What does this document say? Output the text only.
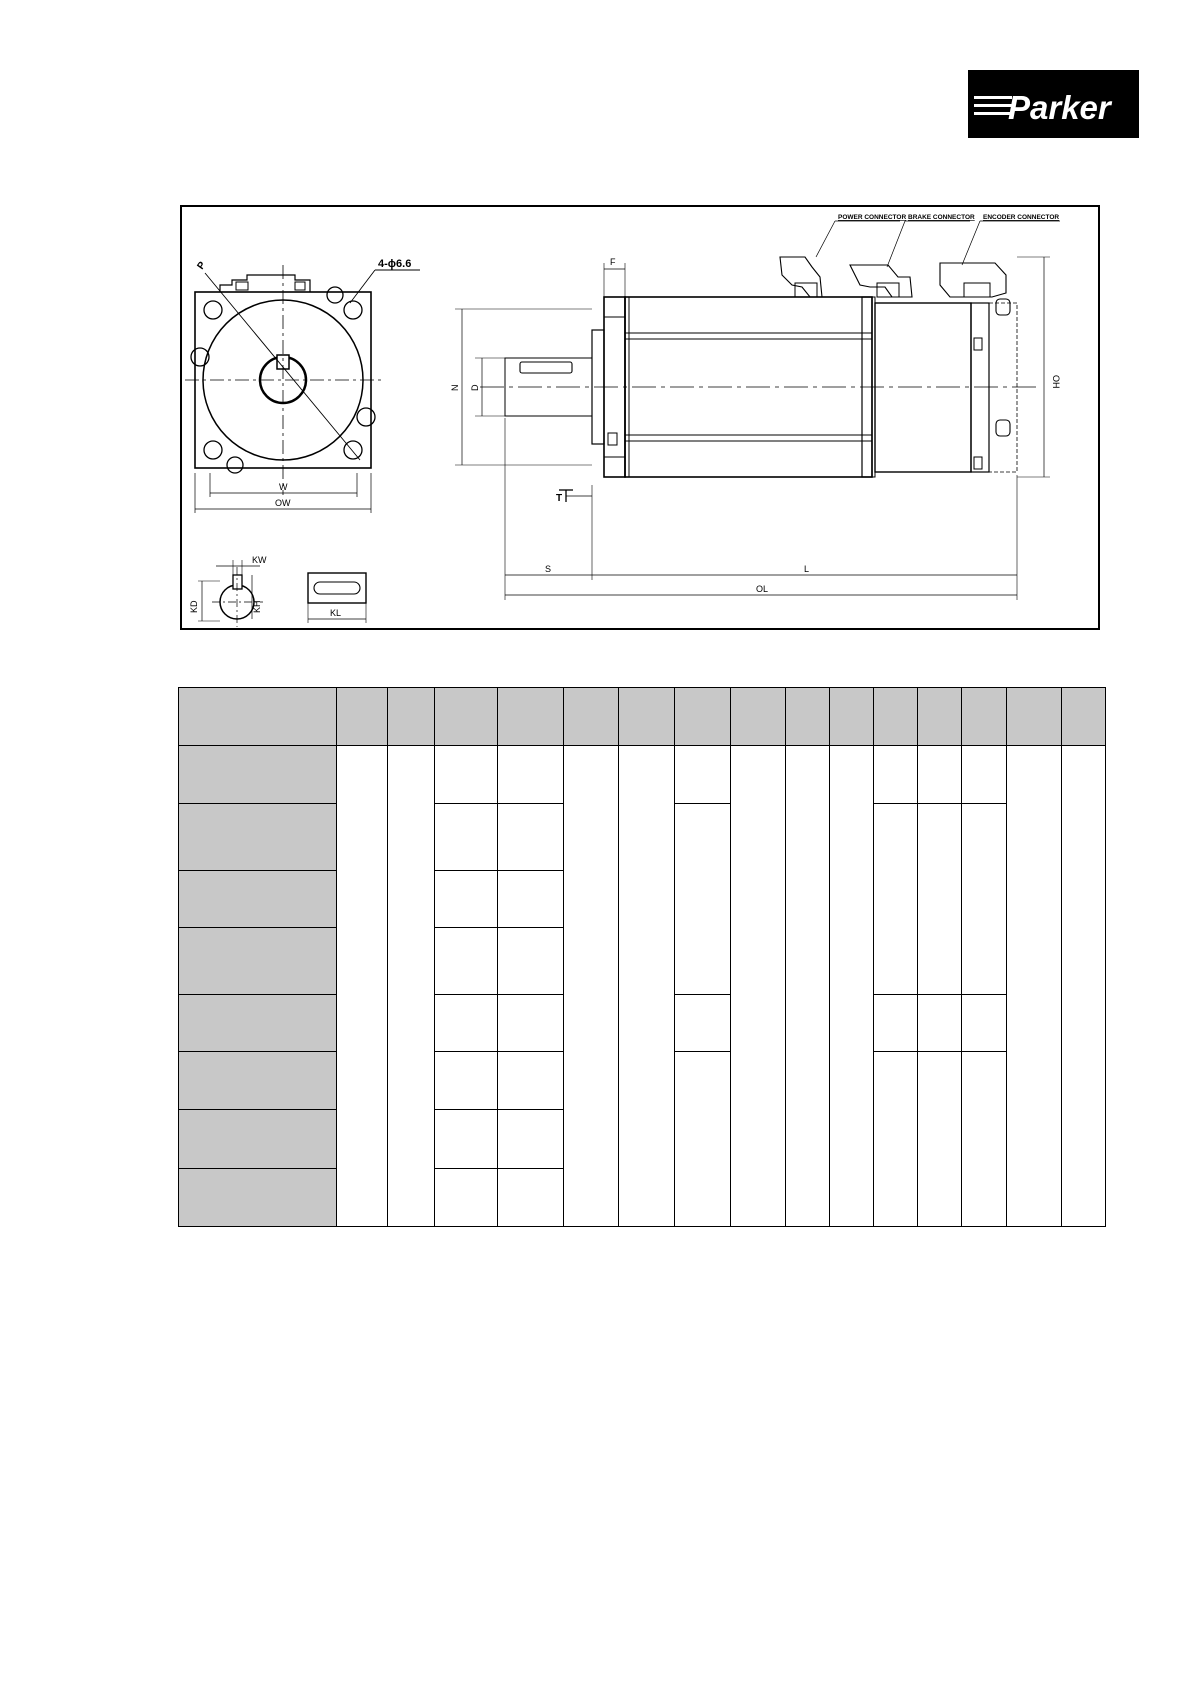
Parker
P	4-ϕ6.6
W
OW
KW
KD	KH	KL
F
N D
T
S	L
OL
OH
POWER CONNECTOR BRAKE CONNECTOR ENCODER CONNECTOR
